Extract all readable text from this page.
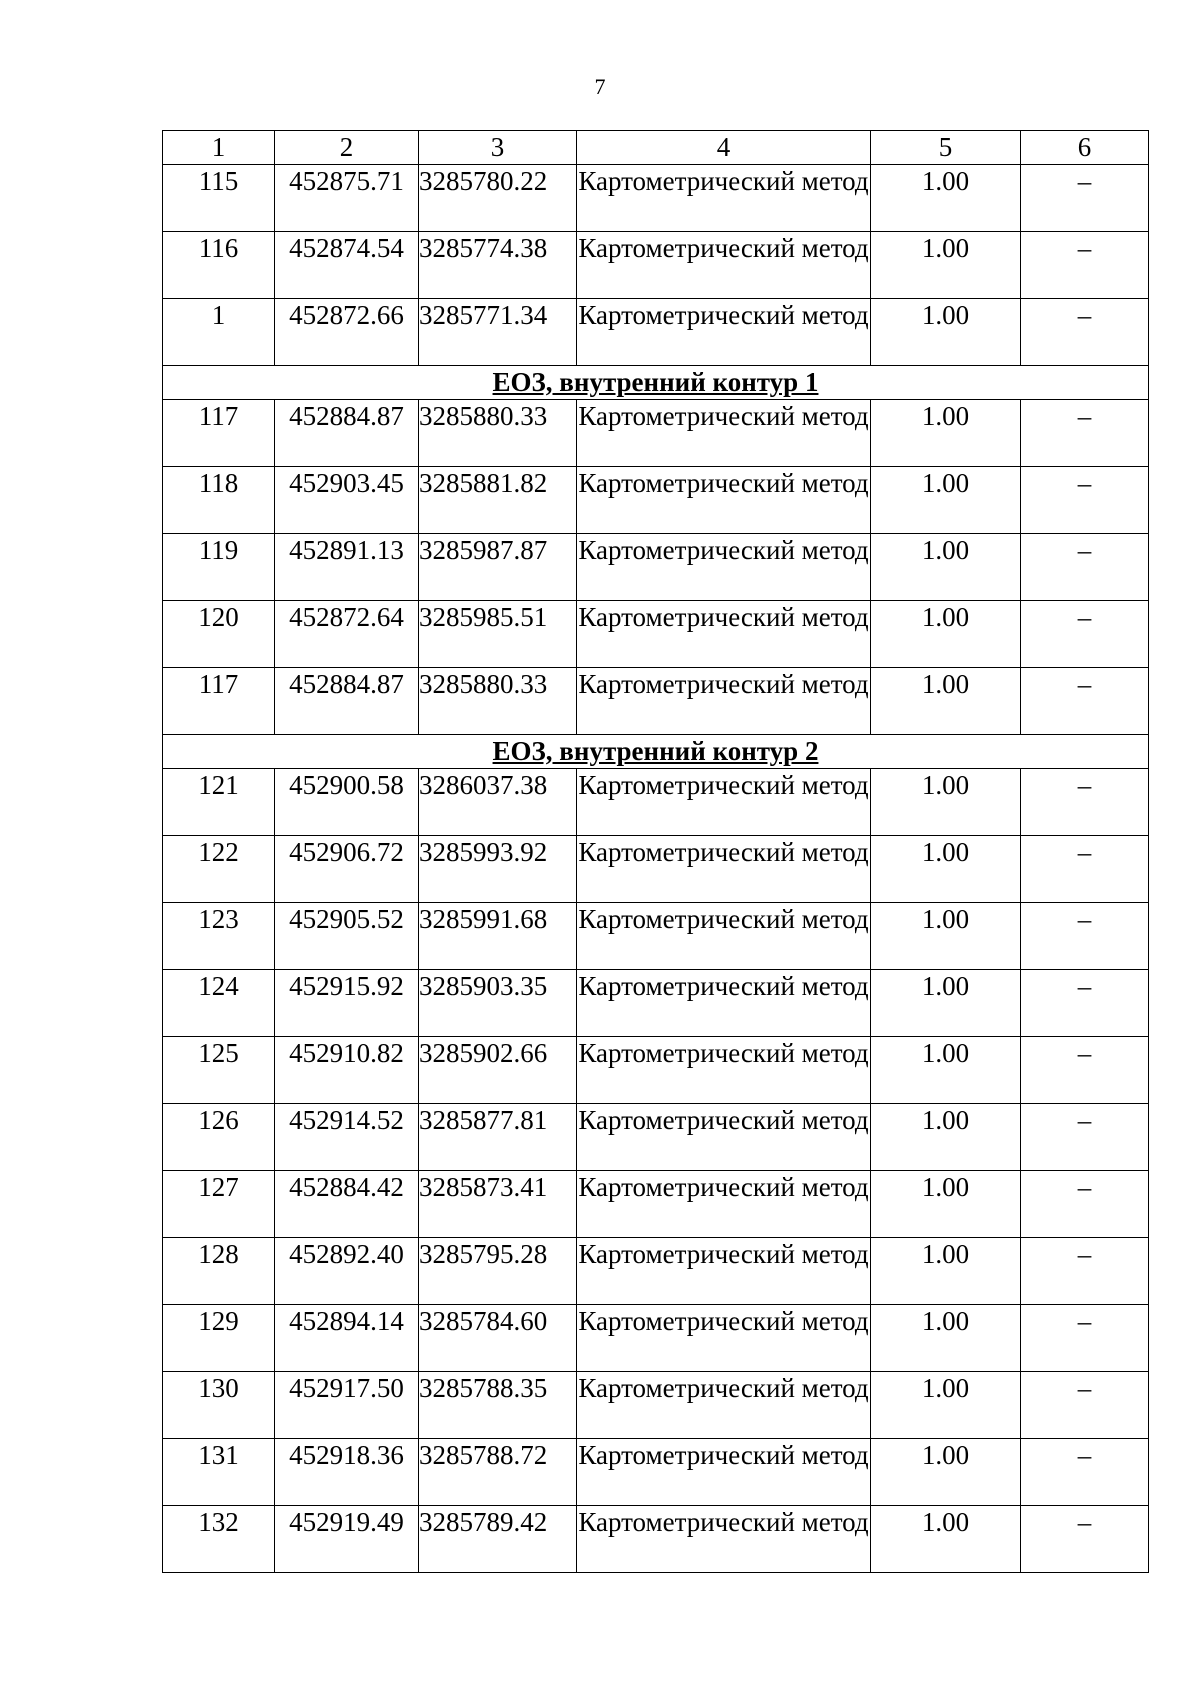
7
1	2	3	4	5	6
115	452875.71	3285780.22	Картометрический метод	1.00	–
116	452874.54	3285774.38	Картометрический метод	1.00	–
1	452872.66	3285771.34	Картометрический метод	1.00	–
ЕОЗ, внутренний контур 1					
117	452884.87	3285880.33	Картометрический метод	1.00	–
118	452903.45	3285881.82	Картометрический метод	1.00	–
119	452891.13	3285987.87	Картометрический метод	1.00	–
120	452872.64	3285985.51	Картометрический метод	1.00	–
117	452884.87	3285880.33	Картометрический метод	1.00	–
ЕОЗ, внутренний контур 2					
121	452900.58	3286037.38	Картометрический метод	1.00	–
122	452906.72	3285993.92	Картометрический метод	1.00	–
123	452905.52	3285991.68	Картометрический метод	1.00	–
124	452915.92	3285903.35	Картометрический метод	1.00	–
125	452910.82	3285902.66	Картометрический метод	1.00	–
126	452914.52	3285877.81	Картометрический метод	1.00	–
127	452884.42	3285873.41	Картометрический метод	1.00	–
128	452892.40	3285795.28	Картометрический метод	1.00	–
129	452894.14	3285784.60	Картометрический метод	1.00	–
130	452917.50	3285788.35	Картометрический метод	1.00	–
131	452918.36	3285788.72	Картометрический метод	1.00	–
132	452919.49	3285789.42	Картометрический метод	1.00	–
